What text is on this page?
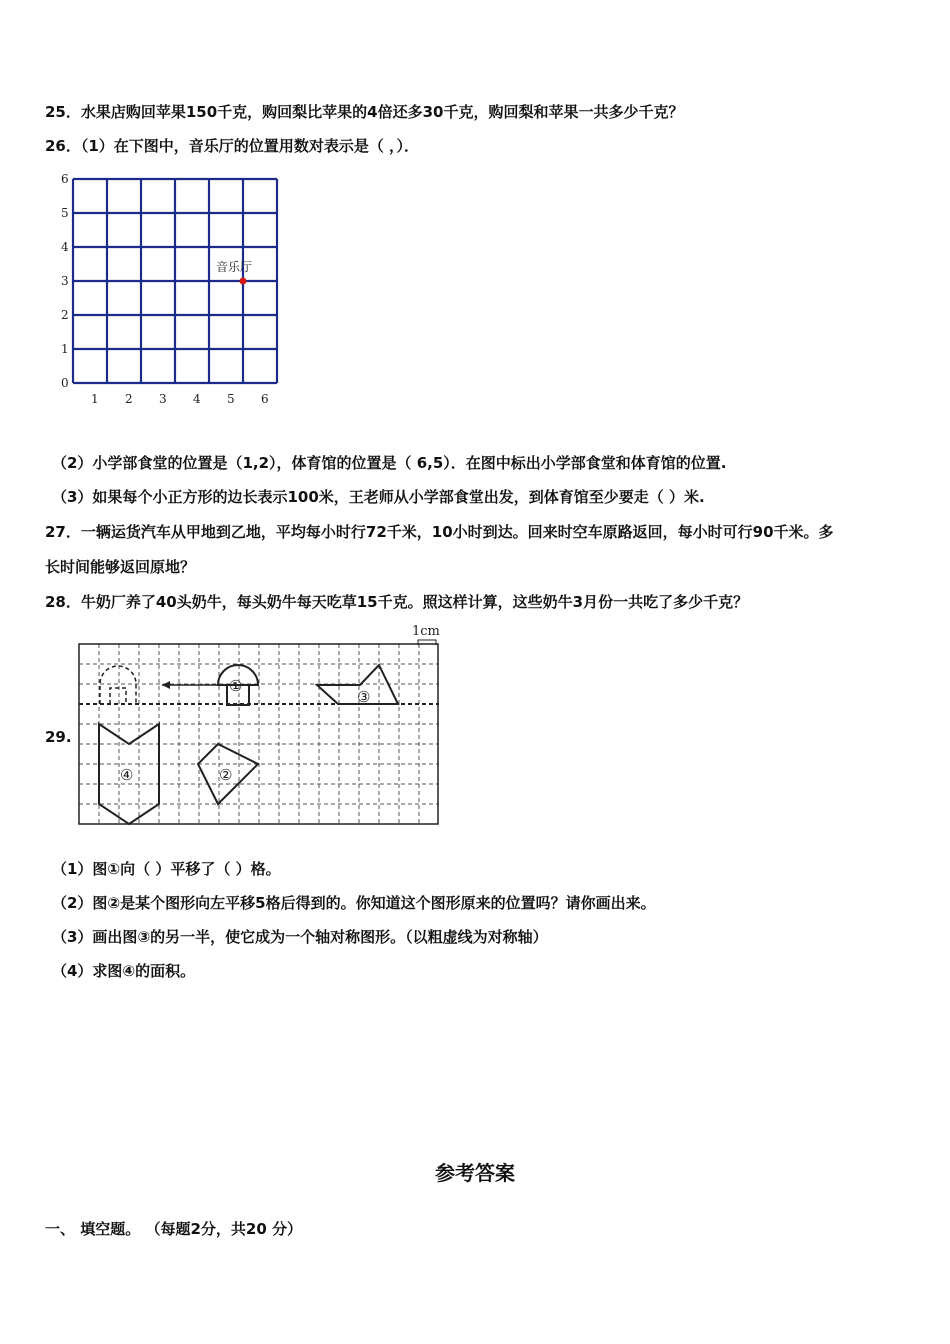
25．水果店购回苹果150千克，购回梨比苹果的4倍还多30千克，购回梨和苹果一共多少千克？
26．（1）在下图中，音乐厅的位置用数对表示是（ ，）．
0
1
2
3
4
5
6
1 2 3 4 5 6
音乐厅
（2）小学部食堂的位置是（1,2），体育馆的位置是（ 6,5）．在图中标出小学部食堂和体育馆的位置.
（3）如果每个小正方形的边长表示100米，王老师从小学部食堂出发，到体育馆至少要走（ ）米.
27．一辆运货汽车从甲地到乙地，平均每小时行72千米，10小时到达。回来时空车原路返回，每小时可行90千米。多
长时间能够返回原地？
28．牛奶厂养了40头奶牛，每头奶牛每天吃草15千克。照这样计算，这些奶牛3月份一共吃了多少千克？
29.
1cm
①
③
④	②
（1）图①向（ ）平移了（ ）格。
（2）图②是某个图形向左平移5格后得到的。你知道这个图形原来的位置吗？请你画出来。
（3）画出图③的另一半，使它成为一个轴对称图形。（以粗虚线为对称轴）
（4）求图④的面积。
参考答案
一、 填空题。 （每题2分，共20 分）
